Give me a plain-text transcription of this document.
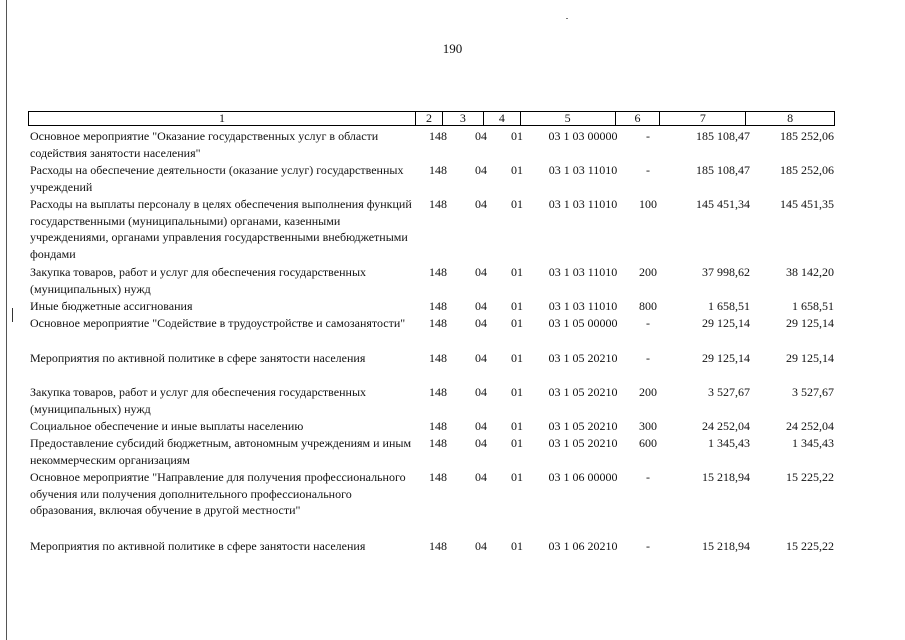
190
1	2	3	4	5	6	7	8
Основное мероприятие "Оказание государственных услуг в области содействия занятости населения"
148	04	01	03 1 03 00000	-	185 108,47	185 252,06
Расходы на обеспечение деятельности (оказание услуг) государственных учреждений
148	04	01	03 1 03 11010	-	185 108,47	185 252,06
Расходы на выплаты персоналу в целях обеспечения выполнения функций государственными (муниципальными) органами, казенными учреждениями, органами управления государственными внебюджетными фондами
148	04	01	03 1 03 11010	100	145 451,34	145 451,35
Закупка товаров, работ и услуг для обеспечения государственных (муниципальных) нужд
148	04	01	03 1 03 11010	200	37 998,62	38 142,20
Иные бюджетные ассигнования	148	04	01	03 1 03 11010	800	1 658,51	1 658,51
Основное мероприятие "Содействие в трудоустройстве и самозанятости"	148	04	01	03 1 05 00000	-	29 125,14	29 125,14
Мероприятия по активной политике в сфере занятости населения	148	04	01	03 1 05 20210	-	29 125,14	29 125,14
Закупка товаров, работ и услуг для обеспечения государственных (муниципальных) нужд
148	04	01	03 1 05 20210	200	3 527,67	3 527,67
Социальное обеспечение и иные выплаты населению	148	04	01	03 1 05 20210	300	24 252,04	24 252,04
Предоставление субсидий бюджетным, автономным учреждениям и иным некоммерческим организациям
148	04	01	03 1 05 20210	600	1 345,43	1 345,43
Основное мероприятие "Направление для получения профессионального обучения или получения дополнительного профессионального образования, включая обучение в другой местности"
148	04	01	03 1 06 00000	-	15 218,94	15 225,22
Мероприятия по активной политике в сфере занятости населения	148	04	01	03 1 06 20210	-	15 218,94	15 225,22
